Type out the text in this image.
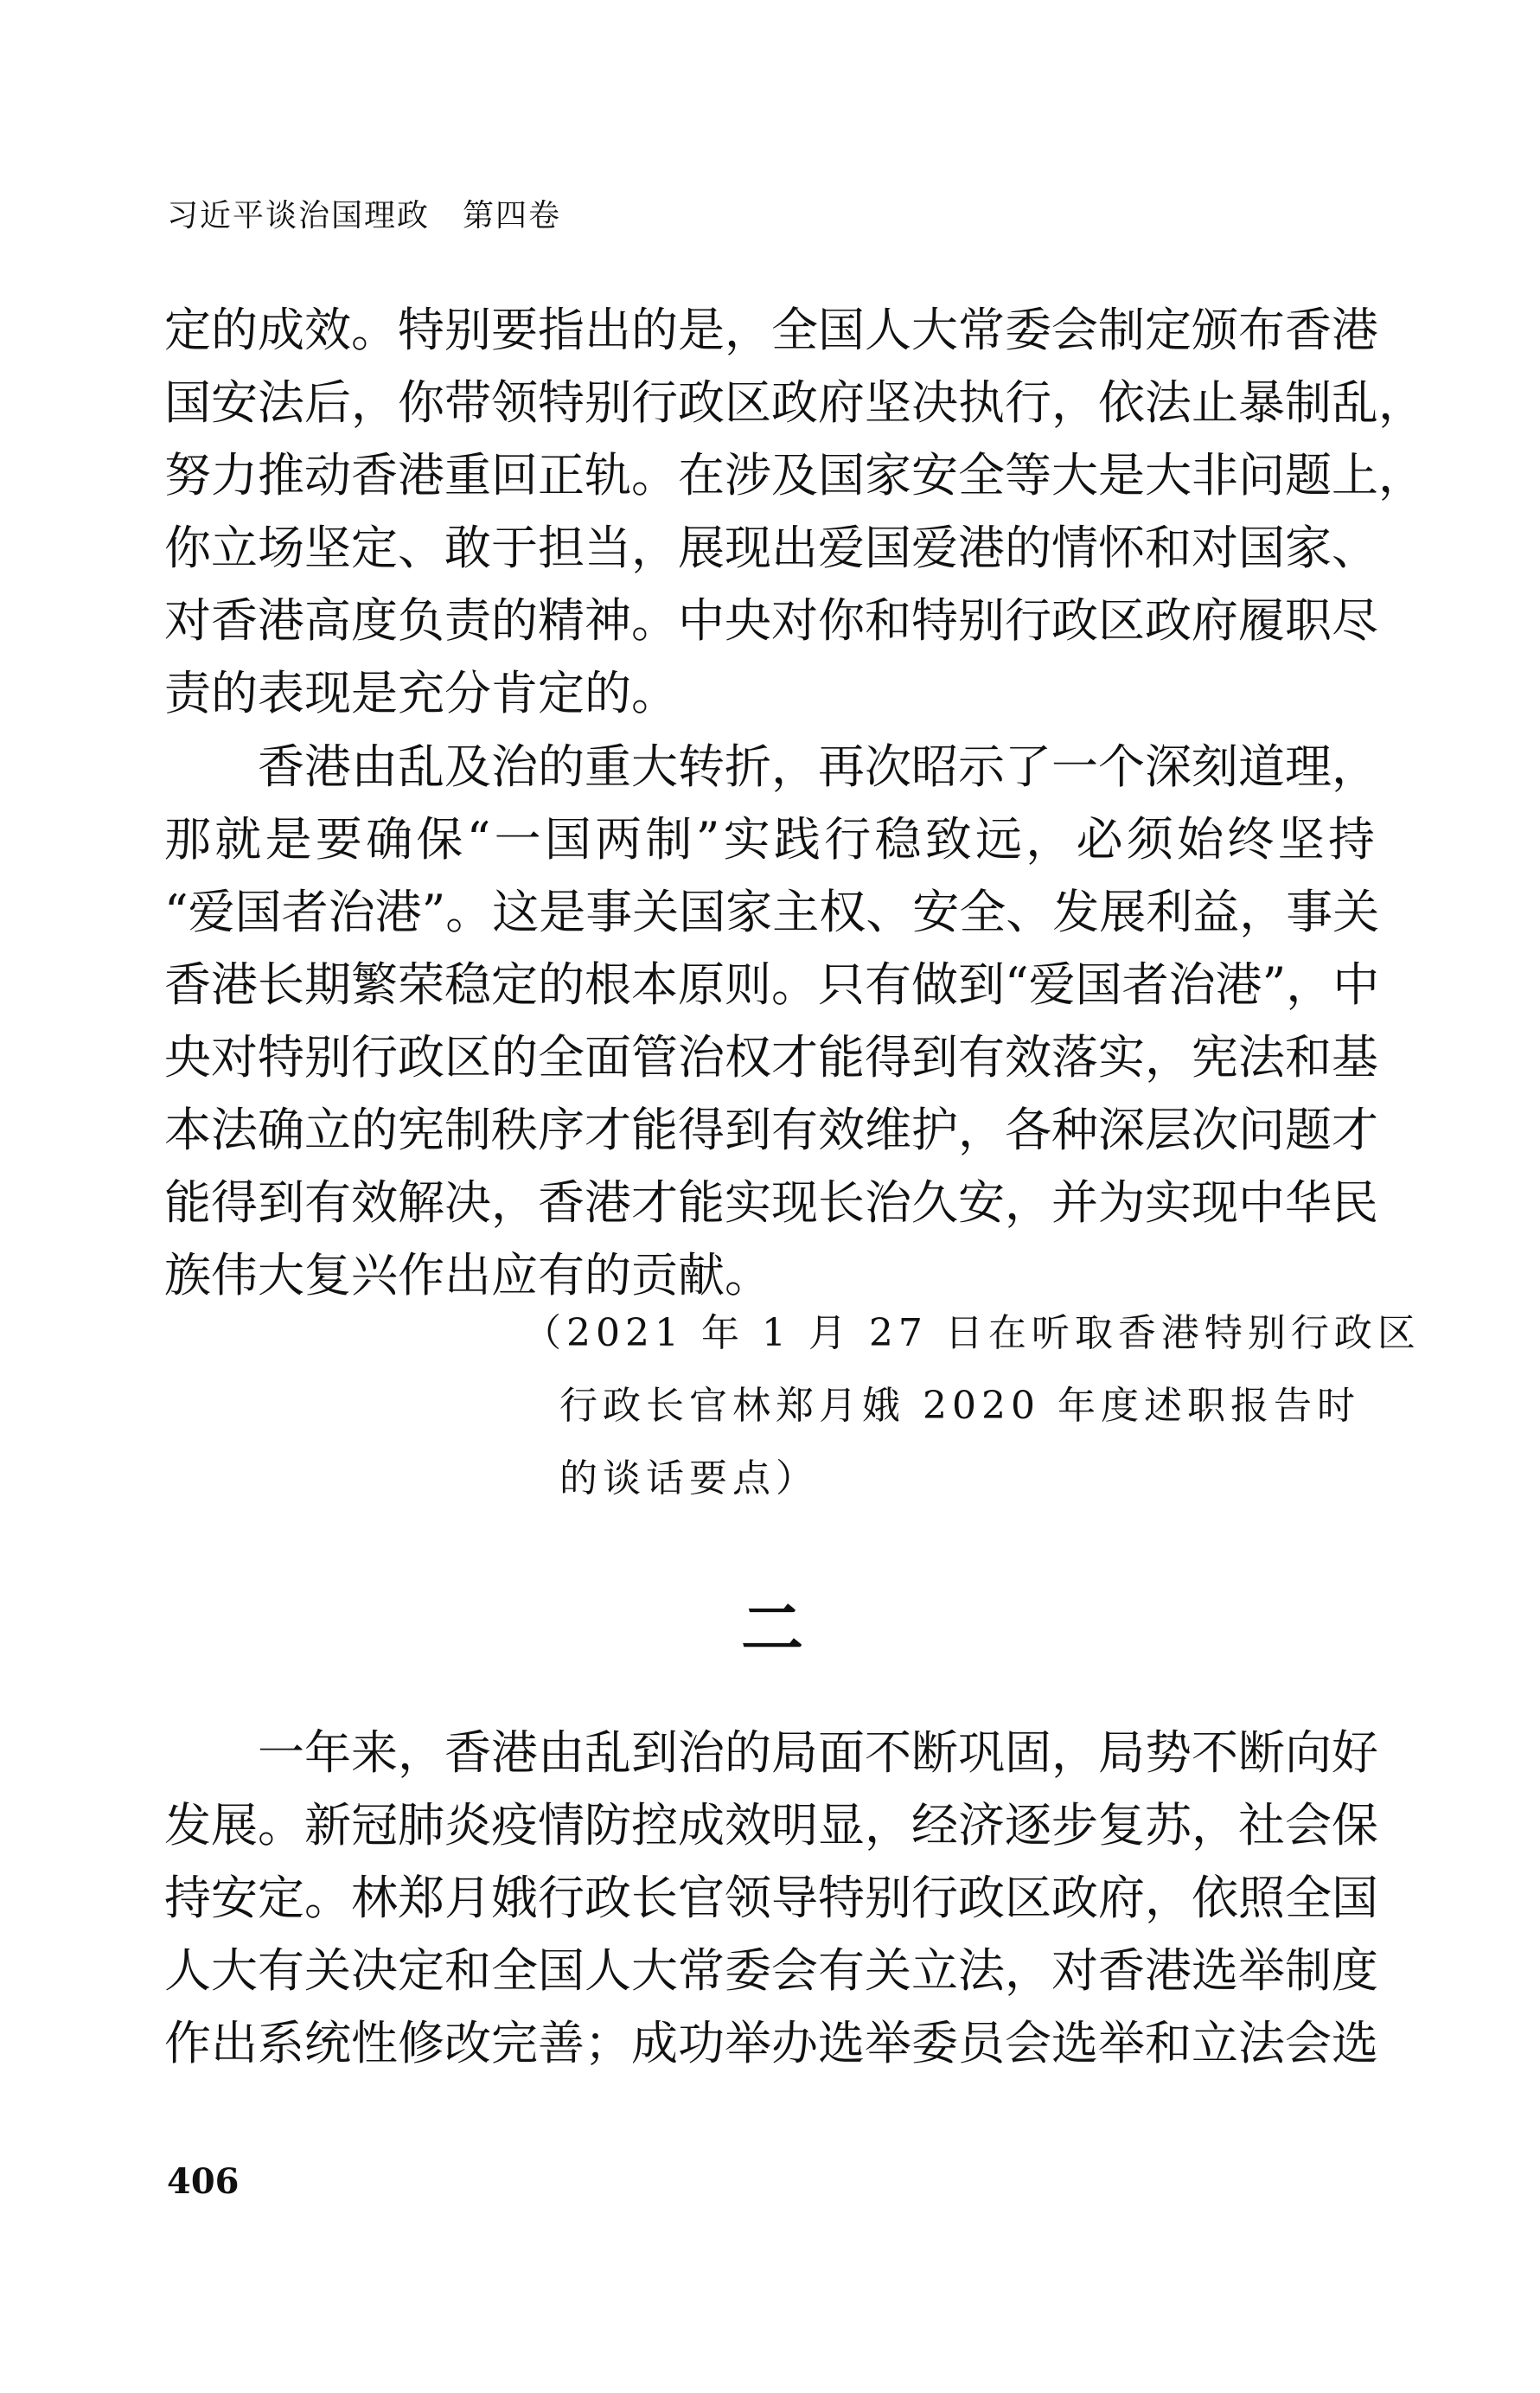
习近平谈治国理政　第四卷
定的成效。特别要指出的是，全国人大常委会制定颁布香港
国安法后，你带领特别行政区政府坚决执行，依法止暴制乱，
努力推动香港重回正轨。在涉及国家安全等大是大非问题上，
你立场坚定、敢于担当，展现出爱国爱港的情怀和对国家、
对香港高度负责的精神。中央对你和特别行政区政府履职尽
责的表现是充分肯定的。
香港由乱及治的重大转折，再次昭示了一个深刻道理，
那就是要确保“一国两制”实践行稳致远，必须始终坚持
“爱国者治港”。这是事关国家主权、安全、发展利益，事关
香港长期繁荣稳定的根本原则。只有做到“爱国者治港”，中
央对特别行政区的全面管治权才能得到有效落实，宪法和基
本法确立的宪制秩序才能得到有效维护，各种深层次问题才
能得到有效解决，香港才能实现长治久安，并为实现中华民
族伟大复兴作出应有的贡献。
（2021 年 1 月 27 日在听取香港特别行政区
行政长官林郑月娥 2020 年度述职报告时
的谈话要点）
二
一年来，香港由乱到治的局面不断巩固，局势不断向好
发展。新冠肺炎疫情防控成效明显，经济逐步复苏，社会保
持安定。林郑月娥行政长官领导特别行政区政府，依照全国
人大有关决定和全国人大常委会有关立法，对香港选举制度
作出系统性修改完善；成功举办选举委员会选举和立法会选
406
